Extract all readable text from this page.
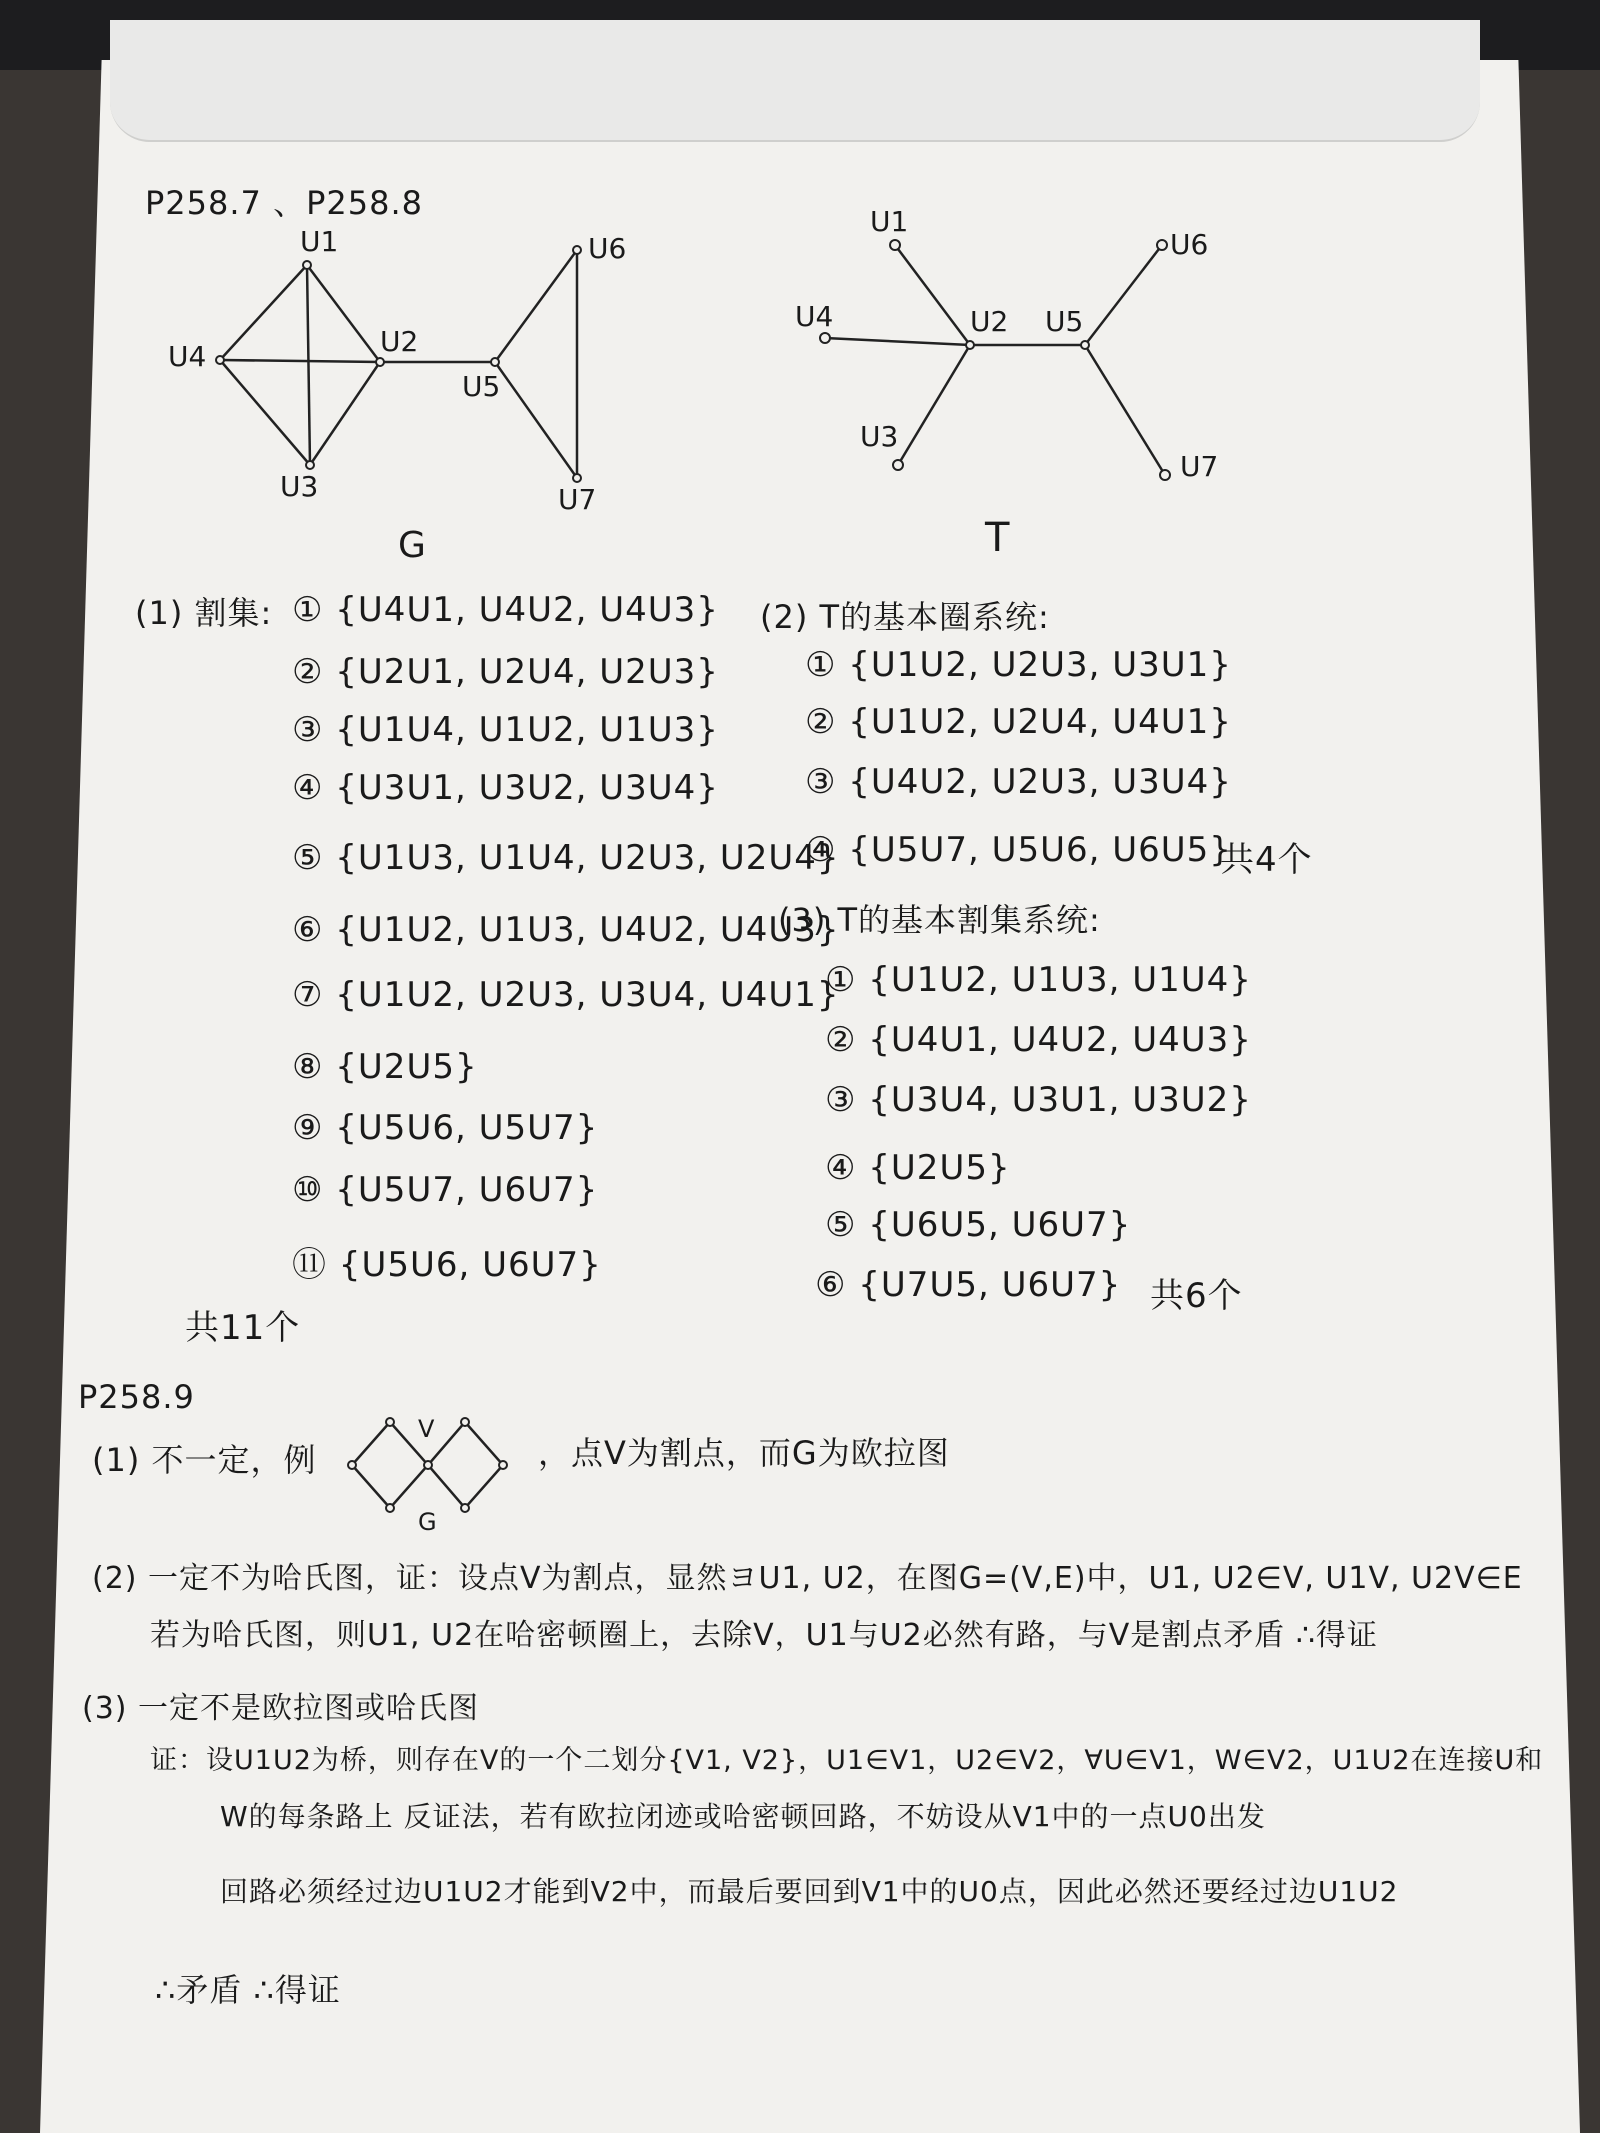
P258.7 、P258.8
U1
U2
U3
U4
U5
U6
U7
G
U1
U2
U3
U4	U5
U6
U7
T
(1) 割集: ① {U4U1, U4U2, U4U3}
② {U2U1, U2U4, U2U3}
③ {U1U4, U1U2, U1U3}
④ {U3U1, U3U2, U3U4}
⑤ {U1U3, U1U4, U2U3, U2U4}
⑥ {U1U2, U1U3, U4U2, U4U3}
⑦ {U1U2, U2U3, U3U4, U4U1}
⑧ {U2U5}
⑨ {U5U6, U5U7}
⑩ {U5U7, U6U7}
⑪ {U5U6, U6U7}
共11个
(2) T的基本圈系统:
① {U1U2, U2U3, U3U1}
② {U1U2, U2U4, U4U1}
③ {U4U2, U2U3, U3U4}
④ {U5U7, U5U6, U6U5}
共4个
(3) T的基本割集系统:
① {U1U2, U1U3, U1U4}
② {U4U1, U4U2, U4U3}
③ {U3U4, U3U1, U3U2}
④ {U2U5}
⑤ {U6U5, U6U7}
⑥ {U7U5, U6U7} 共6个
P258.9
(1) 不一定，例
V
G
，点V为割点，而G为欧拉图
(2) 一定不为哈氏图，证：设点V为割点，显然ヨU1, U2，在图G=(V,E)中，U1, U2∈V, U1V, U2V∈E
若为哈氏图，则U1, U2在哈密顿圈上，去除V，U1与U2必然有路，与V是割点矛盾 ∴得证
(3) 一定不是欧拉图或哈氏图
证：设U1U2为桥，则存在V的一个二划分{V1, V2}，U1∈V1，U2∈V2，∀U∈V1，W∈V2，U1U2在连接U和
W的每条路上 反证法，若有欧拉闭迹或哈密顿回路，不妨设从V1中的一点U0出发
回路必须经过边U1U2才能到V2中，而最后要回到V1中的U0点，因此必然还要经过边U1U2
∴矛盾 ∴得证
